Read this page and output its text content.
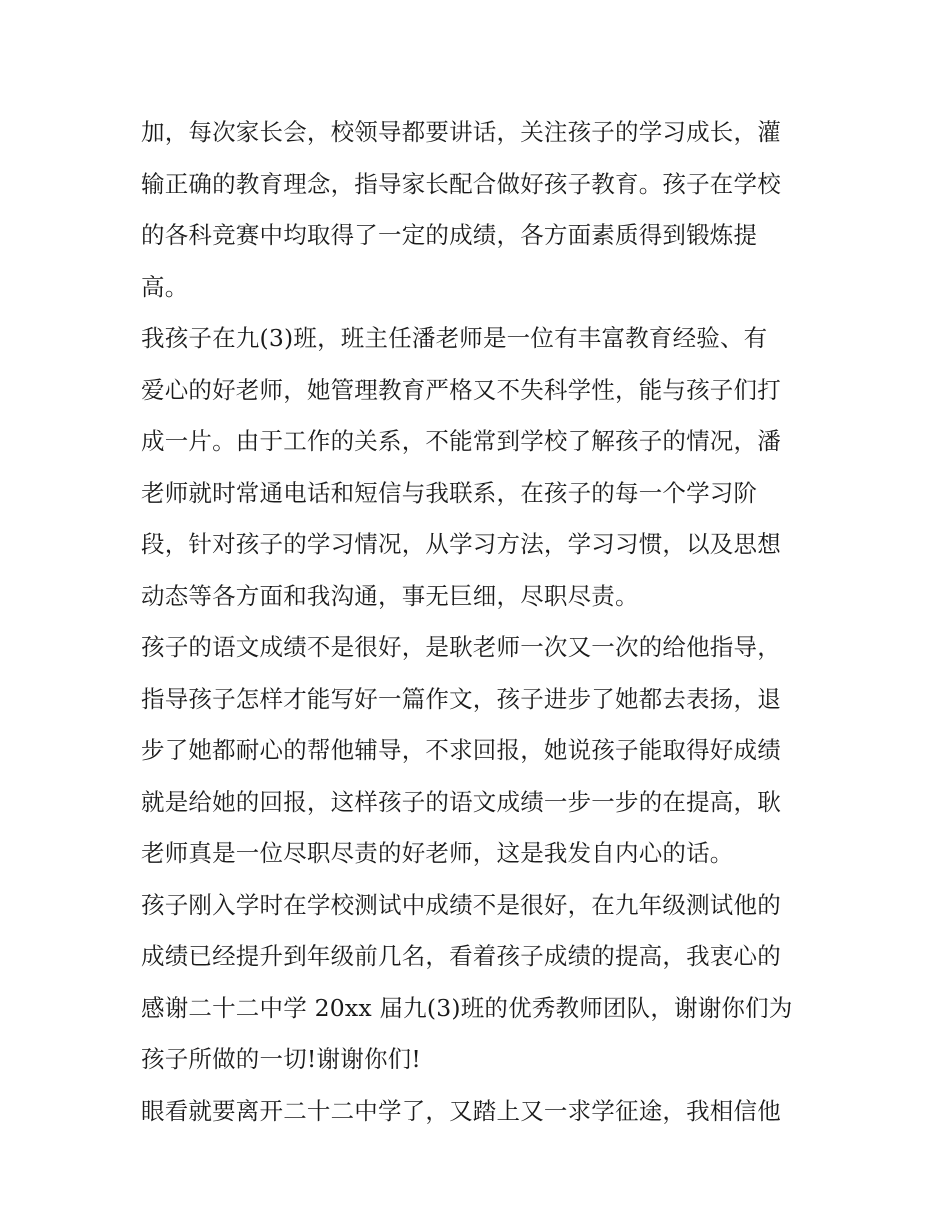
加，每次家长会，校领导都要讲话，关注孩子的学习成长，灌
输正确的教育理念，指导家长配合做好孩子教育。孩子在学校
的各科竞赛中均取得了一定的成绩，各方面素质得到锻炼提
高。
我孩子在九(3)班，班主任潘老师是一位有丰富教育经验、有
爱心的好老师，她管理教育严格又不失科学性，能与孩子们打
成一片。由于工作的关系，不能常到学校了解孩子的情况，潘
老师就时常通电话和短信与我联系，在孩子的每一个学习阶
段，针对孩子的学习情况，从学习方法，学习习惯，以及思想
动态等各方面和我沟通，事无巨细，尽职尽责。
孩子的语文成绩不是很好，是耿老师一次又一次的给他指导，
指导孩子怎样才能写好一篇作文，孩子进步了她都去表扬，退
步了她都耐心的帮他辅导，不求回报，她说孩子能取得好成绩
就是给她的回报，这样孩子的语文成绩一步一步的在提高，耿
老师真是一位尽职尽责的好老师，这是我发自内心的话。
孩子刚入学时在学校测试中成绩不是很好，在九年级测试他的
成绩已经提升到年级前几名，看着孩子成绩的提高，我衷心的
感谢二十二中学 20xx 届九(3)班的优秀教师团队，谢谢你们为
孩子所做的一切!谢谢你们!
眼看就要离开二十二中学了，又踏上又一求学征途，我相信他
